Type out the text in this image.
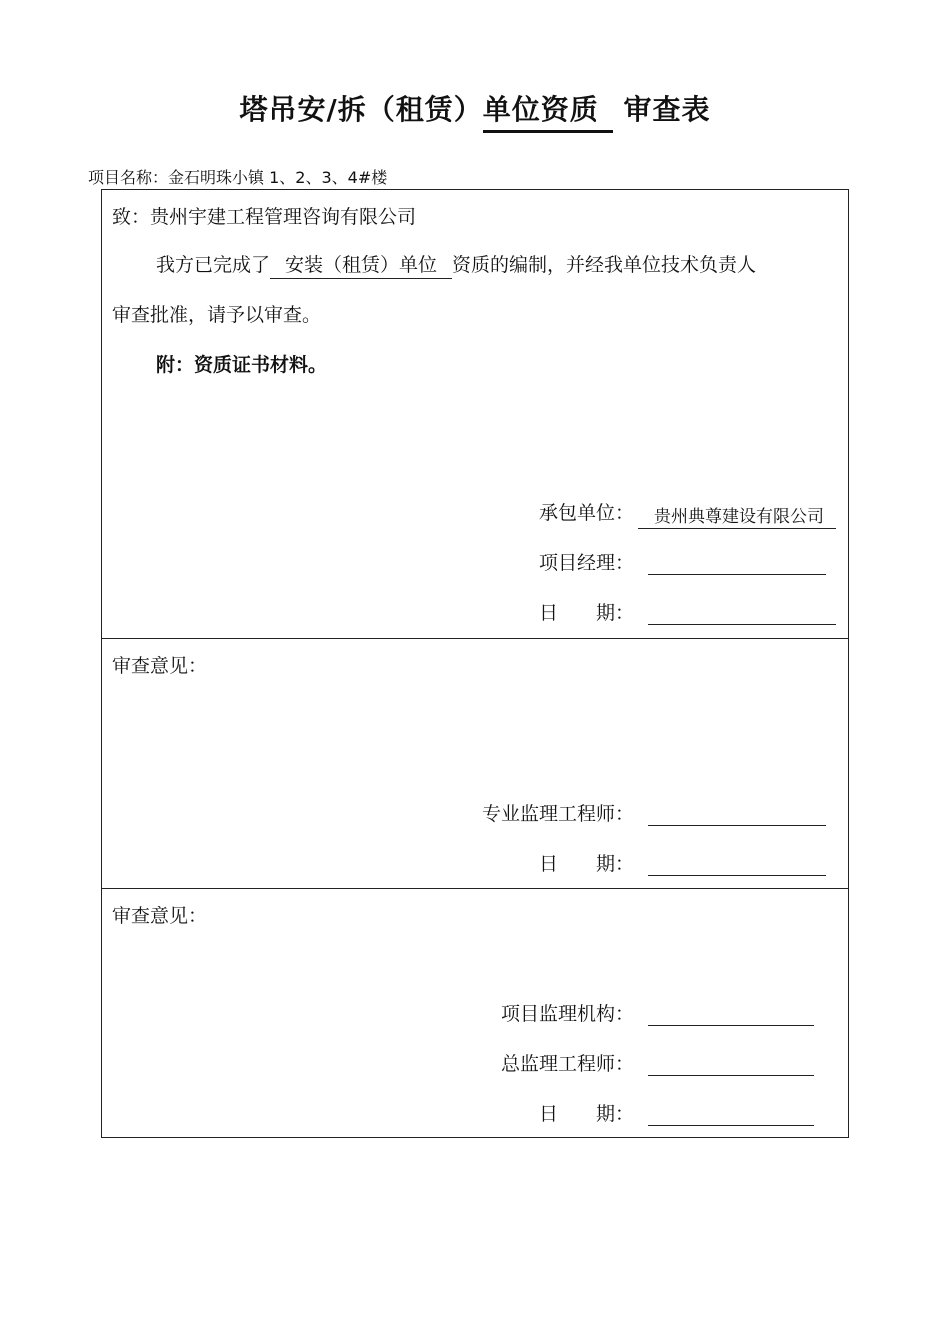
塔吊安/拆（租赁）单位资质 审查表
项目名称：金石明珠小镇 1、2、3、4#楼
致：贵州宇建工程管理咨询有限公司
我方已完成了 安装（租赁）单位 资质的编制，并经我单位技术负责人
审查批准，请予以审查。
附：资质证书材料。
承包单位：	贵州典尊建设有限公司
项目经理：
日　　期：
审查意见：
专业监理工程师：
日　　期：
审查意见：
项目监理机构：
总监理工程师：
日　　期：
